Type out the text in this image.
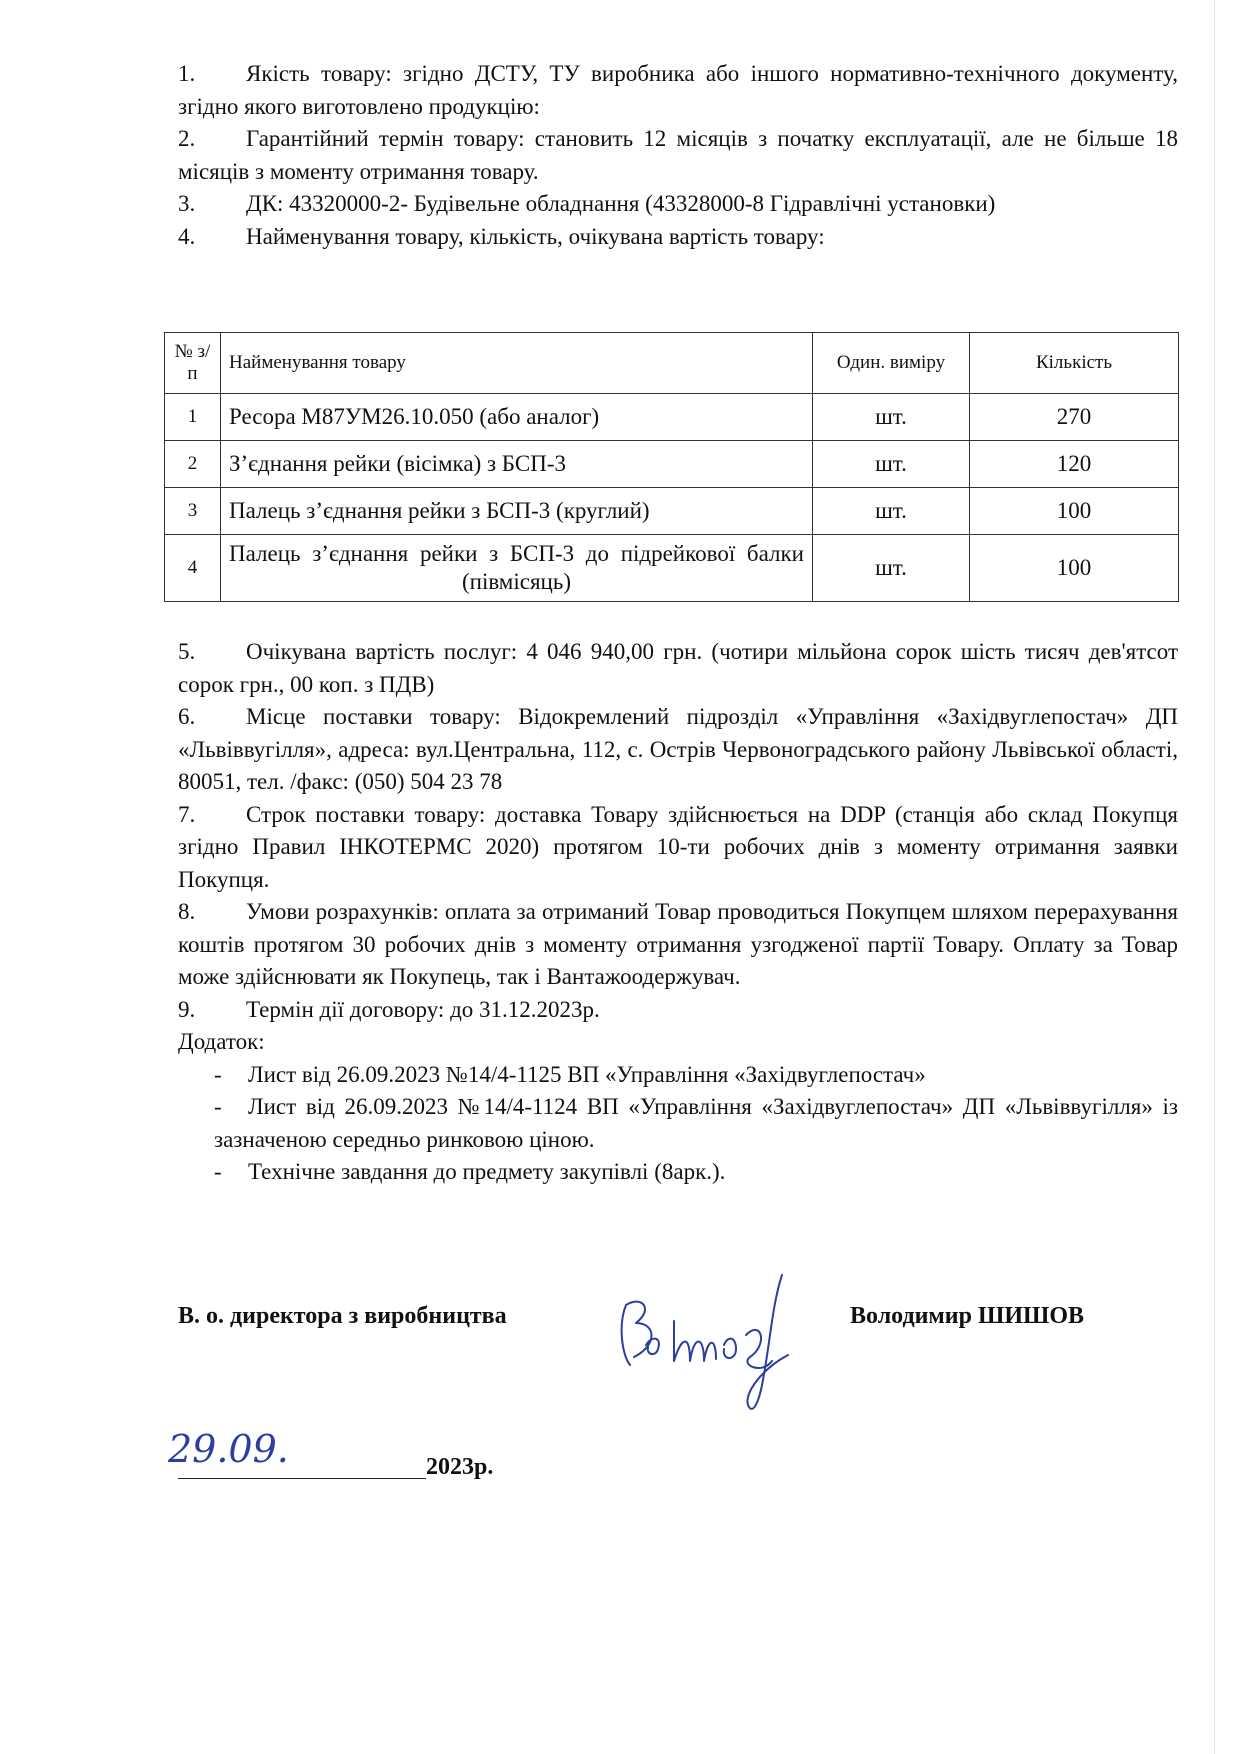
1. Якість товару: згідно ДСТУ, ТУ виробника або іншого нормативно-технічного документу, згідно якого виготовлено продукцію:
2. Гарантійний термін товару: становить 12 місяців з початку експлуатації, але не більше 18 місяців з моменту отримання товару.
3. ДК: 43320000-2- Будівельне обладнання (43328000-8 Гідравлічні установки)
4. Найменування товару, кількість, очікувана вартість товару:
№ з/п	Найменування товару	Один. виміру	Кількість
1	Ресора М87УМ26.10.050 (або аналог)	шт.	270
2	З’єднання рейки (вісімка) з БСП-3	шт.	120
3	Палець з’єднання рейки з БСП-3 (круглий)	шт.	100
4	Палець з’єднання рейки з БСП-3 до підрейкової балки (півмісяць)	шт.	100
5. Очікувана вартість послуг: 4 046 940,00 грн. (чотири мільйона сорок шість тисяч дев'ятсот сорок грн., 00 коп. з ПДВ)
6. Місце поставки товару: Відокремлений підрозділ «Управління «Західвуглепостач» ДП «Львіввугілля», адреса: вул.Центральна, 112, с. Острів Червоноградського району Львівської області, 80051, тел. /факс: (050) 504 23 78
7. Строк поставки товару: доставка Товару здійснюється на DDP (станція або склад Покупця згідно Правил ІНКОТЕРМС 2020) протягом 10-ти робочих днів з моменту отримання заявки Покупця.
8. Умови розрахунків: оплата за отриманий Товар проводиться Покупцем шляхом перерахування коштів протягом 30 робочих днів з моменту отримання узгодженої партії Товару. Оплату за Товар може здійснювати як Покупець, так і Вантажоодержувач.
9. Термін дії договору: до 31.12.2023р.
Додаток:
- Лист від 26.09.2023 №14/4-1125 ВП «Управління «Західвуглепостач»
- Лист від 26.09.2023 №14/4-1124 ВП «Управління «Західвуглепостач» ДП «Львіввугілля» із зазначеною середньо ринковою ціною.
- Технічне завдання до предмету закупівлі (8арк.).
В. о. директора з виробництва	Володимир ШИШОВ
29.09.	2023р.
